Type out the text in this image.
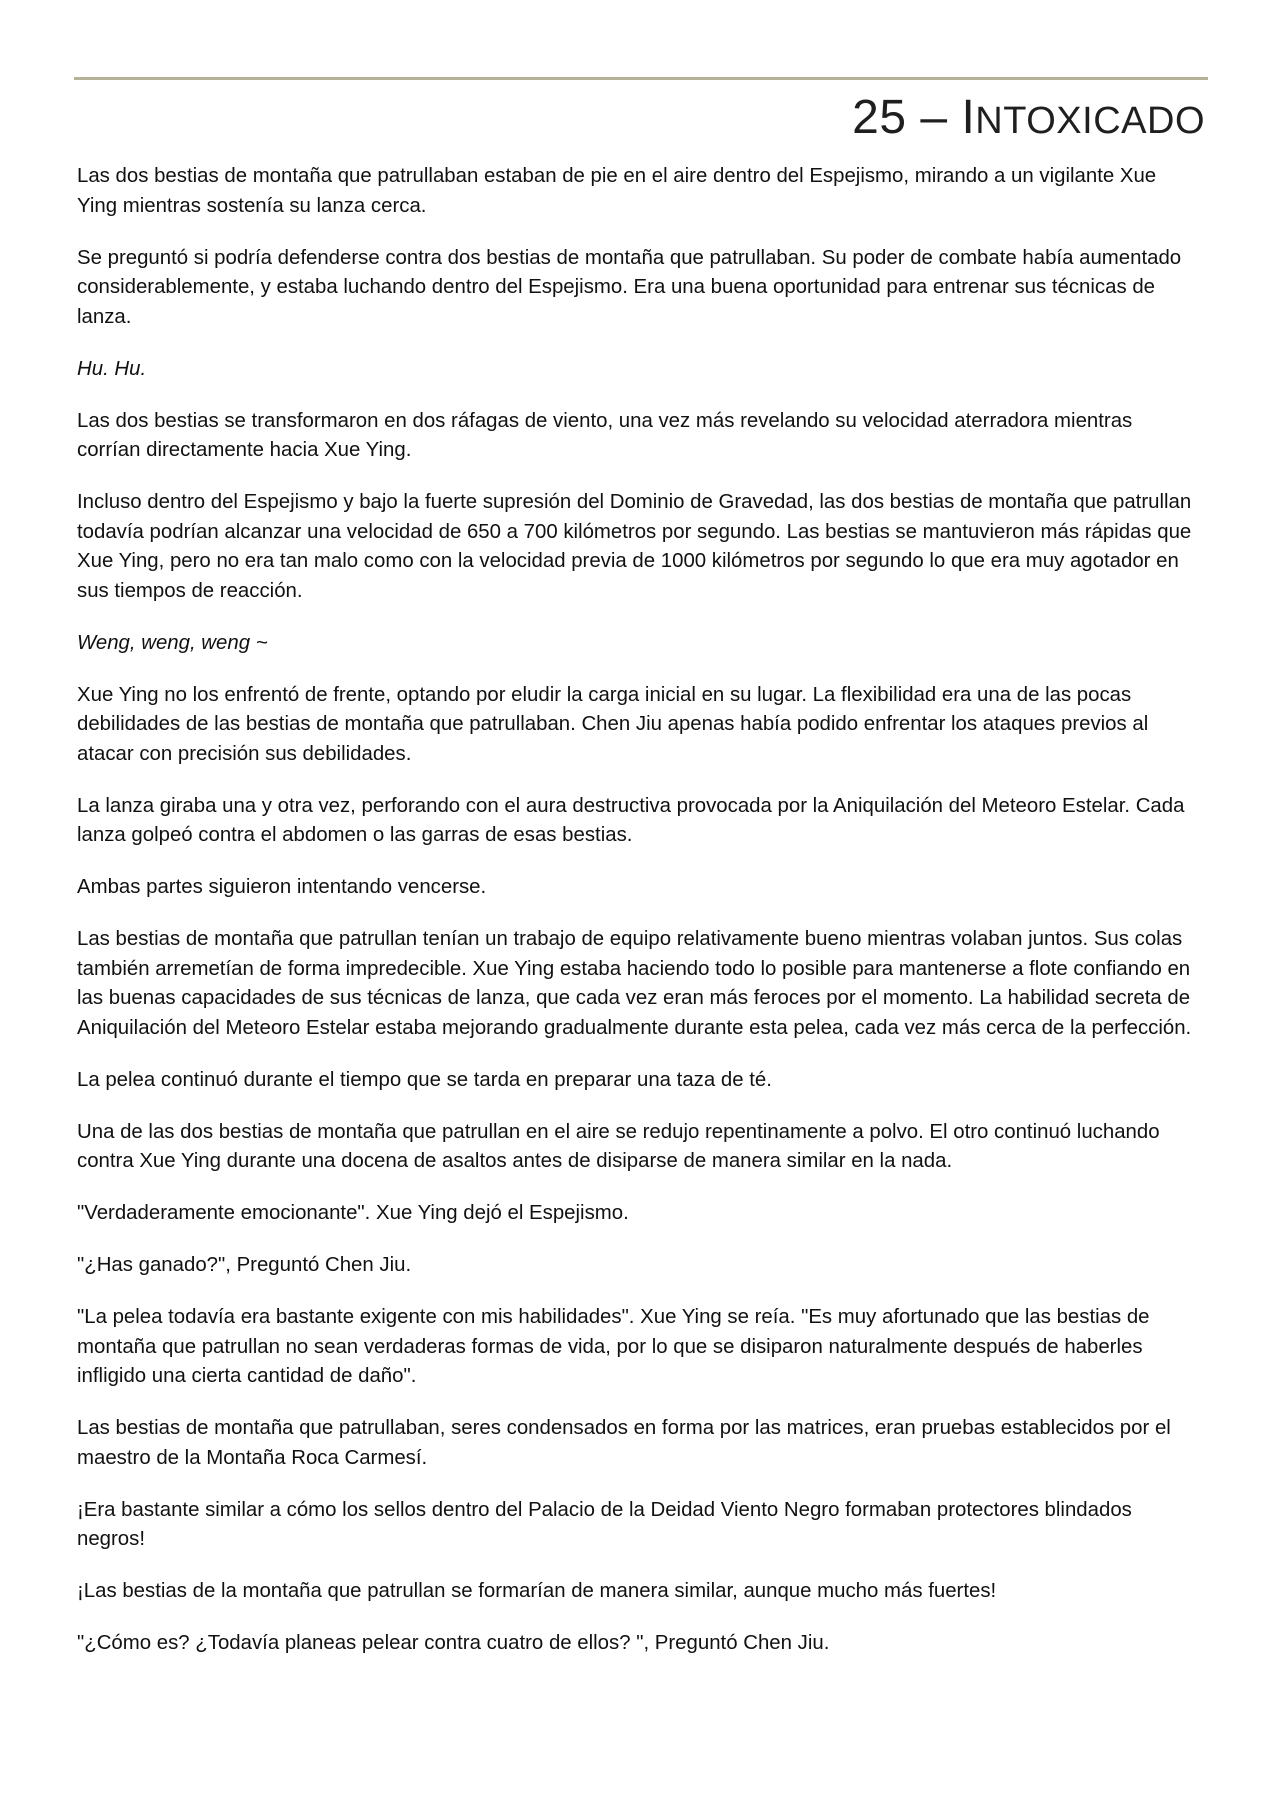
25 – INTOXICADO

Las dos bestias de montaña que patrullaban estaban de pie en el aire dentro del Espejismo, mirando a un vigilante Xue Ying mientras sostenía su lanza cerca.

Se preguntó si podría defenderse contra dos bestias de montaña que patrullaban. Su poder de combate había aumentado considerablemente, y estaba luchando dentro del Espejismo. Era una buena oportunidad para entrenar sus técnicas de lanza.

Hu. Hu.

Las dos bestias se transformaron en dos ráfagas de viento, una vez más revelando su velocidad aterradora mientras corrían directamente hacia Xue Ying.

Incluso dentro del Espejismo y bajo la fuerte supresión del Dominio de Gravedad, las dos bestias de montaña que patrullan todavía podrían alcanzar una velocidad de 650 a 700 kilómetros por segundo. Las bestias se mantuvieron más rápidas que Xue Ying, pero no era tan malo como con la velocidad previa de 1000 kilómetros por segundo lo que era muy agotador en sus tiempos de reacción.

Weng, weng, weng ~

Xue Ying no los enfrentó de frente, optando por eludir la carga inicial en su lugar. La flexibilidad era una de las pocas debilidades de las bestias de montaña que patrullaban. Chen Jiu apenas había podido enfrentar los ataques previos al atacar con precisión sus debilidades.

La lanza giraba una y otra vez, perforando con el aura destructiva provocada por la Aniquilación del Meteoro Estelar. Cada lanza golpeó contra el abdomen o las garras de esas bestias.

Ambas partes siguieron intentando vencerse.

Las bestias de montaña que patrullan tenían un trabajo de equipo relativamente bueno mientras volaban juntos. Sus colas también arremetían de forma impredecible. Xue Ying estaba haciendo todo lo posible para mantenerse a flote confiando en las buenas capacidades de sus técnicas de lanza, que cada vez eran más feroces por el momento. La habilidad secreta de Aniquilación del Meteoro Estelar estaba mejorando gradualmente durante esta pelea, cada vez más cerca de la perfección.

La pelea continuó durante el tiempo que se tarda en preparar una taza de té.

Una de las dos bestias de montaña que patrullan en el aire se redujo repentinamente a polvo. El otro continuó luchando contra Xue Ying durante una docena de asaltos antes de disiparse de manera similar en la nada.

"Verdaderamente emocionante". Xue Ying dejó el Espejismo.

"¿Has ganado?", Preguntó Chen Jiu.

"La pelea todavía era bastante exigente con mis habilidades". Xue Ying se reía. "Es muy afortunado que las bestias de montaña que patrullan no sean verdaderas formas de vida, por lo que se disiparon naturalmente después de haberles infligido una cierta cantidad de daño".

Las bestias de montaña que patrullaban, seres condensados en forma por las matrices, eran pruebas establecidos por el maestro de la Montaña Roca Carmesí.

¡Era bastante similar a cómo los sellos dentro del Palacio de la Deidad Viento Negro formaban protectores blindados negros!

¡Las bestias de la montaña que patrullan se formarían de manera similar, aunque mucho más fuertes!

"¿Cómo es? ¿Todavía planeas pelear contra cuatro de ellos? ", Preguntó Chen Jiu.
